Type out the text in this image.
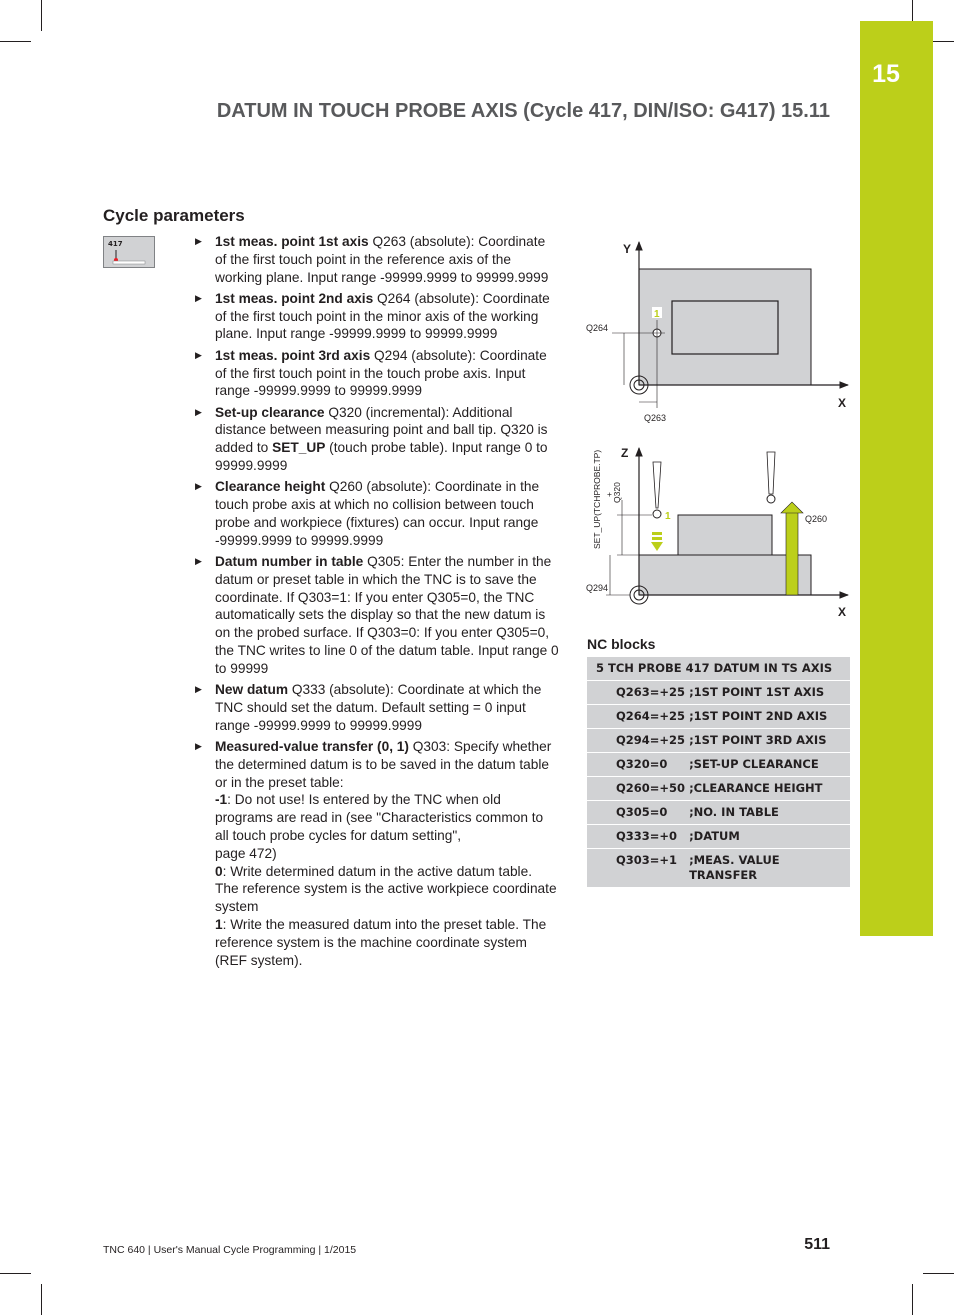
15
DATUM IN TOUCH PROBE AXIS (Cycle 417, DIN/ISO: G417) 15.11
Cycle parameters
417	▶ 1st meas. point 1st axis Q263 (absolute): Coordinate of the first touch point in the reference axis of the working plane. Input range -99999.9999 to 99999.9999
▶ 1st meas. point 2nd axis Q264 (absolute): Coordinate of the first touch point in the minor axis of the working plane. Input range -99999.9999 to 99999.9999
▶ 1st meas. point 3rd axis Q294 (absolute): Coordinate of the first touch point in the touch probe axis. Input range -99999.9999 to 99999.9999
▶ Set-up clearance Q320 (incremental): Additional distance between measuring point and ball tip. Q320 is added to SET_UP (touch probe table). Input range 0 to 99999.9999
▶ Clearance height Q260 (absolute): Coordinate in the touch probe axis at which no collision between touch probe and workpiece (fixtures) can occur. Input range -99999.9999 to 99999.9999
▶ Datum number in table Q305: Enter the number in the datum or preset table in which the TNC is to save the coordinate. If Q303=1: If you enter Q305=0, the TNC automatically sets the display so that the new datum is on the probed surface. If Q303=0: If you enter Q305=0, the TNC writes to line 0 of the datum table. Input range 0 to 99999
▶ New datum Q333 (absolute): Coordinate at which the TNC should set the datum. Default setting = 0 input range -99999.9999 to 99999.9999
▶ Measured-value transfer (0, 1) Q303: Specify whether the determined datum is to be saved in the datum table or in the preset table:
-1: Do not use! Is entered by the TNC when old programs are read in (see "Characteristics common to all touch probe cycles for datum setting",
page 472)
0: Write determined datum in the active datum table. The reference system is the active workpiece coordinate system
1: Write the measured datum into the preset table. The reference system is the machine coordinate system (REF system).
Y
X
1
Q264
Q263
Z
X
1	Q260
Q294
SET_UP(TCHPROBE.TP) +
Q320
NC blocks
5 TCH PROBE 417 DATUM IN TS AXIS	
Q263=+25	;1ST POINT 1ST AXIS
Q264=+25	;1ST POINT 2ND AXIS
Q294=+25	;1ST POINT 3RD AXIS
Q320=0	;SET-UP CLEARANCE
Q260=+50	;CLEARANCE HEIGHT
Q305=0	;NO. IN TABLE
Q333=+0	;DATUM
Q303=+1	;MEAS. VALUE TRANSFER
TNC 640 | User's Manual Cycle Programming | 1/2015	511
